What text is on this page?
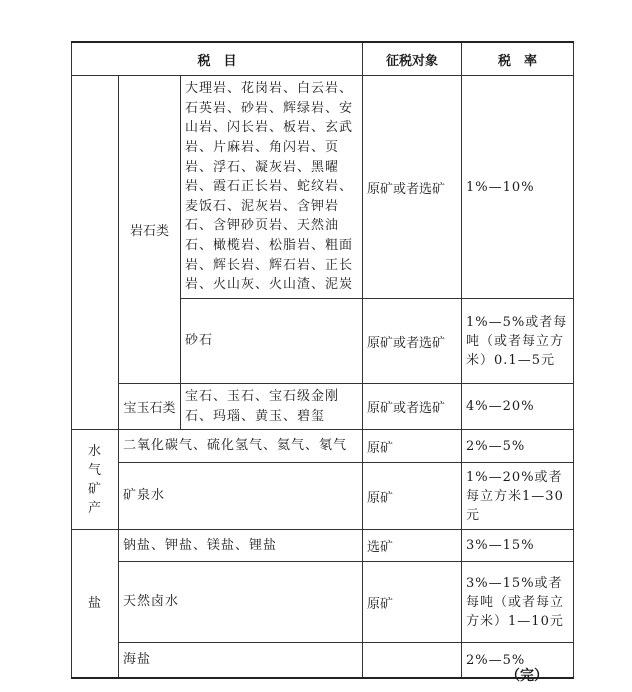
税　目			征税对象	税　率
	岩石类	大理岩、花岗岩、白云岩、石英岩、砂岩、辉绿岩、安山岩、闪长岩、板岩、玄武岩、片麻岩、角闪岩、页岩、浮石、凝灰岩、黑曜岩、霞石正长岩、蛇纹岩、麦饭石、泥灰岩、含钾岩石、含钾砂页岩、天然油石、橄榄岩、松脂岩、粗面岩、辉长岩、辉石岩、正长岩、火山灰、火山渣、泥炭	原矿或者选矿	1%—10%
		砂石	原矿或者选矿	1%—5%或者每吨（或者每立方米）0.1—5元
	宝玉石类	宝石、玉石、宝石级金刚石、玛瑙、黄玉、碧玺	原矿或者选矿	4%—20%

水气矿产	二氧化碳气、硫化氢气、氦气、氡气		原矿	2%—5%
	矿泉水		原矿	1%—20%或者每立方米1—30元
盐	钠盐、钾盐、镁盐、锂盐		选矿	3%—15%
	天然卤水		原矿	3%—15%或者每吨（或者每立方米）1—10元
	海盐			2%—5%
（完）
